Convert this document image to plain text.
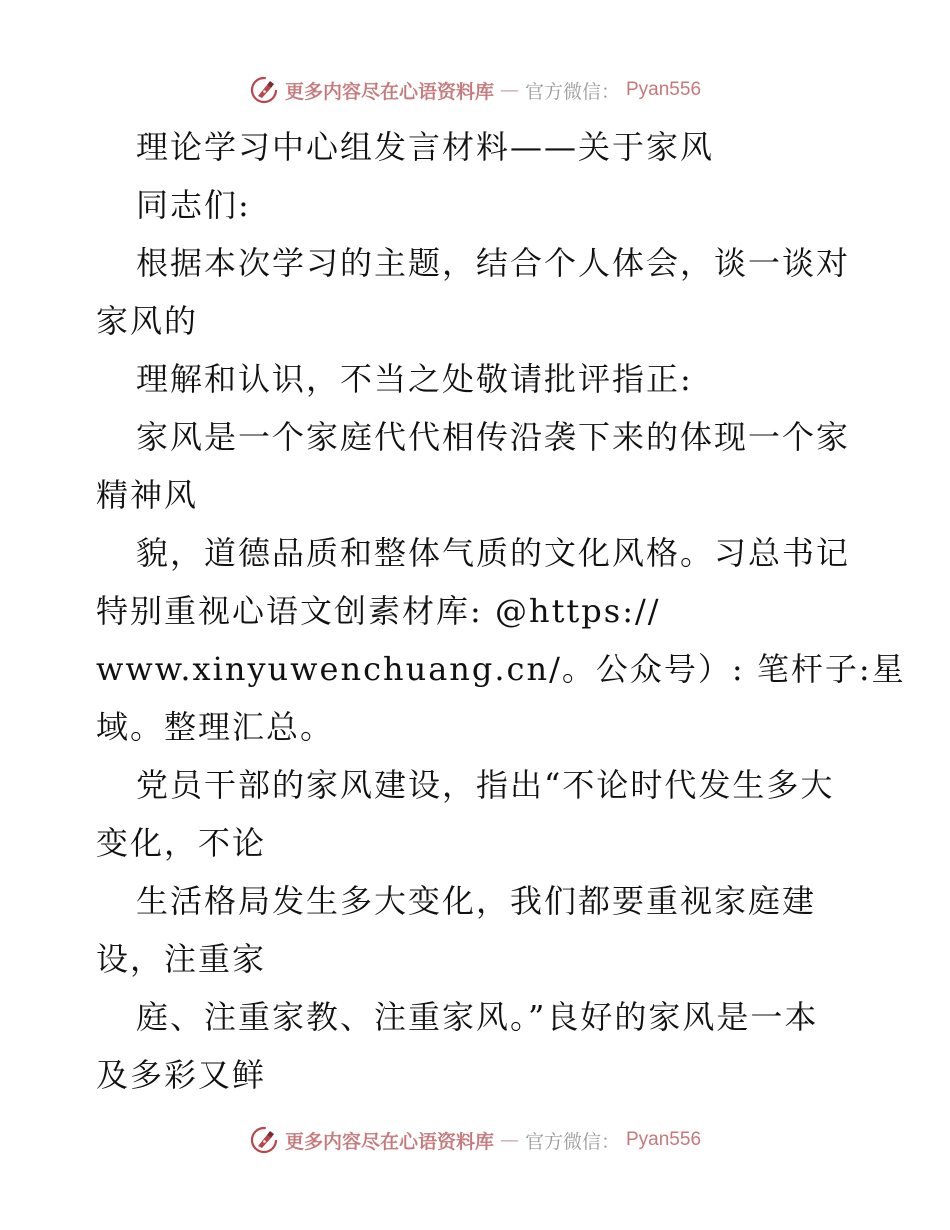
更多内容尽在心语资料库 — 官方微信： Pyan556
理论学习中心组发言材料——关于家风
同志们:
根据本次学习的主题，结合个人体会，谈一谈对
家风的
理解和认识，不当之处敬请批评指正:
家风是一个家庭代代相传沿袭下来的体现一个家
精神风
貌，道德品质和整体气质的文化风格。习总书记
特别重视心语文创素材库: @https://
www.xinyuwenchuang.cn/。公众号）: 笔杆子:星
域。整理汇总。
党员干部的家风建设，指出“不论时代发生多大
变化，不论
生活格局发生多大变化，我们都要重视家庭建
设，注重家
庭、注重家教、注重家风。”良好的家风是一本
及多彩又鲜
更多内容尽在心语资料库 — 官方微信： Pyan556
